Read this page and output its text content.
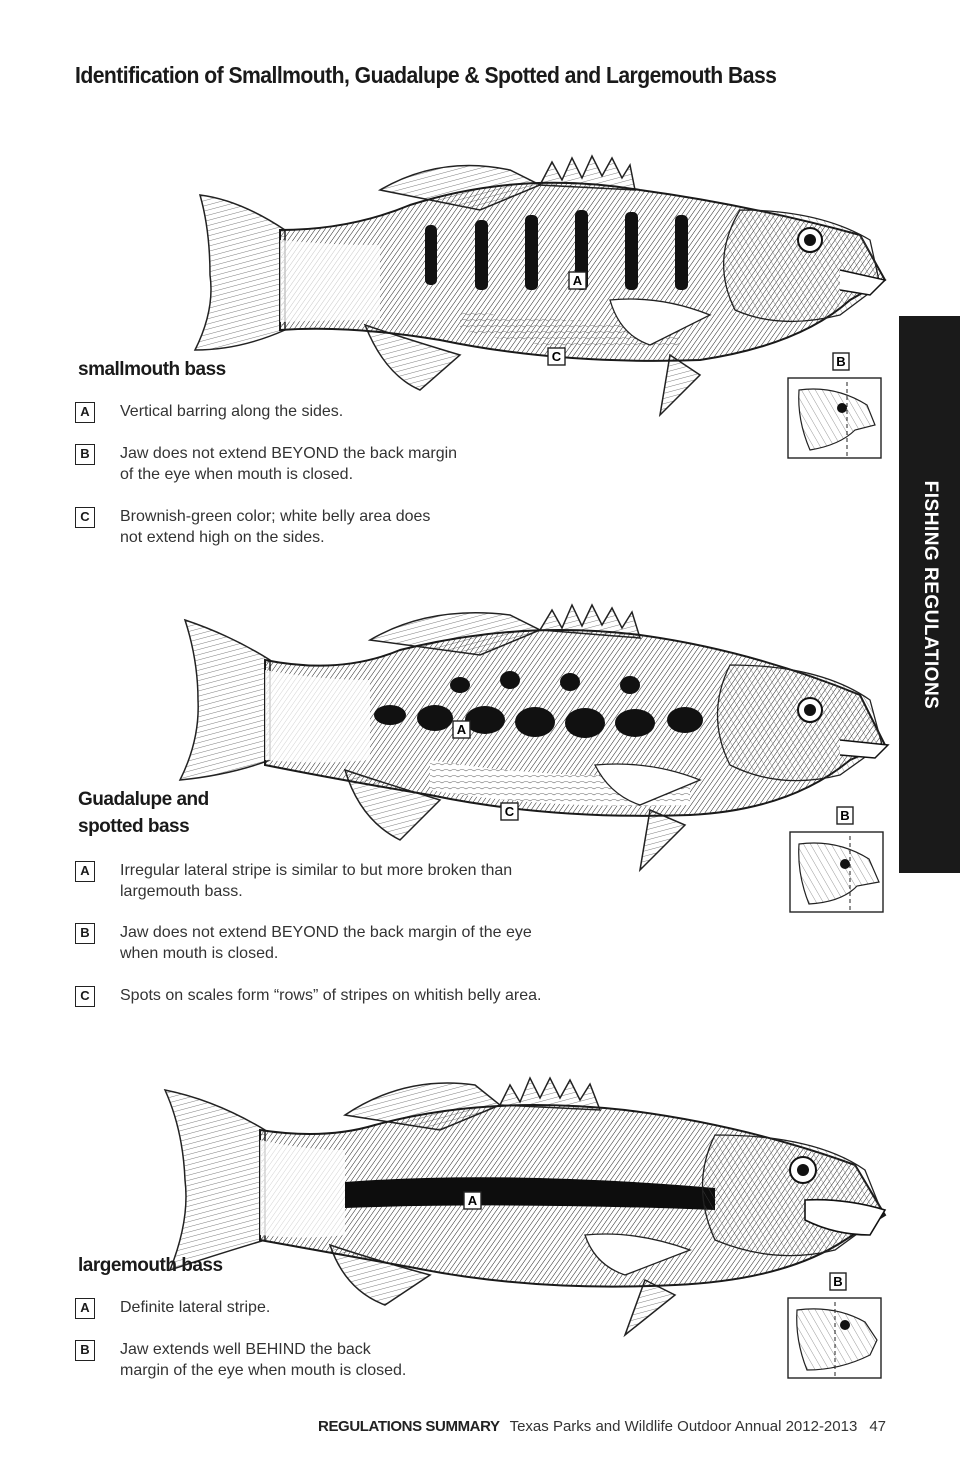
Identification of Smallmouth, Guadalupe & Spotted and Largemouth Bass
FISHING REGULATIONS
A
C	B
smallmouth bass
A	Vertical barring along the sides.
B	Jaw does not extend BEYOND the back margin
of the eye when mouth is closed.
C	Brownish-green color; white belly area does
not extend high on the sides.
A
C	B
Guadalupe and
spotted bass
A	Irregular lateral stripe is similar to but more broken than
largemouth bass.
B	Jaw does not extend BEYOND the back margin of the eye
when mouth is closed.
C	Spots on scales form “rows” of stripes on whitish belly area.
A
B
largemouth bass
A	Definite lateral stripe.
B	Jaw extends well BEHIND the back
margin of the eye when mouth is closed.
REGULATIONS SUMMARY Texas Parks and Wildlife Outdoor Annual 2012-2013 47
